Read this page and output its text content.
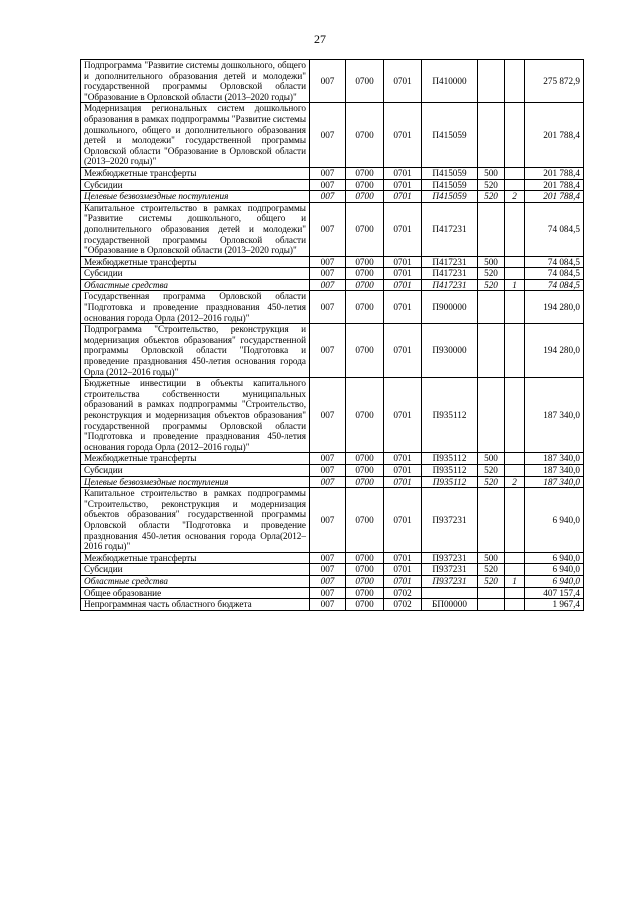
27
Подпрограмма "Развитие системы дошкольного, общего и дополнительного образования детей и молодежи" государственной программы Орловской области "Образование в Орловской области (2013–2020 годы)"	007	0700	0701	П410000			275 872,9
Модернизация региональных систем дошкольного образования в рамках подпрограммы "Развитие системы дошкольного, общего и дополнительного образования детей и молодежи" государственной программы Орловской области "Образование в Орловской области (2013–2020 годы)"	007	0700	0701	П415059			201 788,4
Межбюджетные трансферты	007	0700	0701	П415059	500		201 788,4
Субсидии	007	0700	0701	П415059	520		201 788,4
Целевые безвозмездные поступления	007	0700	0701	П415059	520	2	201 788,4
Капитальное строительство в рамках подпрограммы "Развитие системы дошкольного, общего и дополнительного образования детей и молодежи" государственной программы Орловской области "Образование в Орловской области (2013–2020 годы)"	007	0700	0701	П417231			74 084,5
Межбюджетные трансферты	007	0700	0701	П417231	500		74 084,5
Субсидии	007	0700	0701	П417231	520		74 084,5
Областные средства	007	0700	0701	П417231	520	1	74 084,5
Государственная программа Орловской области "Подготовка и проведение празднования 450-летия основания города Орла (2012–2016 годы)"	007	0700	0701	П900000			194 280,0
Подпрограмма "Строительство, реконструкция и модернизация объектов образования" государственной программы Орловской области "Подготовка и проведение празднования 450-летия основания города Орла (2012–2016 годы)"	007	0700	0701	П930000			194 280,0
Бюджетные инвестиции в объекты капитального строительства собственности муниципальных образований в рамках подпрограммы "Строительство, реконструкция и модернизация объектов образования" государственной программы Орловской области "Подготовка и проведение празднования 450-летия основания города Орла (2012–2016 годы)"	007	0700	0701	П935112			187 340,0
Межбюджетные трансферты	007	0700	0701	П935112	500		187 340,0
Субсидии	007	0700	0701	П935112	520		187 340,0
Целевые безвозмездные поступления	007	0700	0701	П935112	520	2	187 340,0
Капитальное строительство в рамках подпрограммы "Строительство, реконструкция и модернизация объектов образования" государственной программы Орловской области "Подготовка и проведение празднования 450-летия основания города Орла(2012–2016 годы)"	007	0700	0701	П937231			6 940,0
Межбюджетные трансферты	007	0700	0701	П937231	500		6 940,0
Субсидии	007	0700	0701	П937231	520		6 940,0
Областные средства	007	0700	0701	П937231	520	1	6 940,0
Общее образование	007	0700	0702				407 157,4
Непрограммная часть областного бюджета	007	0700	0702	БП00000			1 967,4
